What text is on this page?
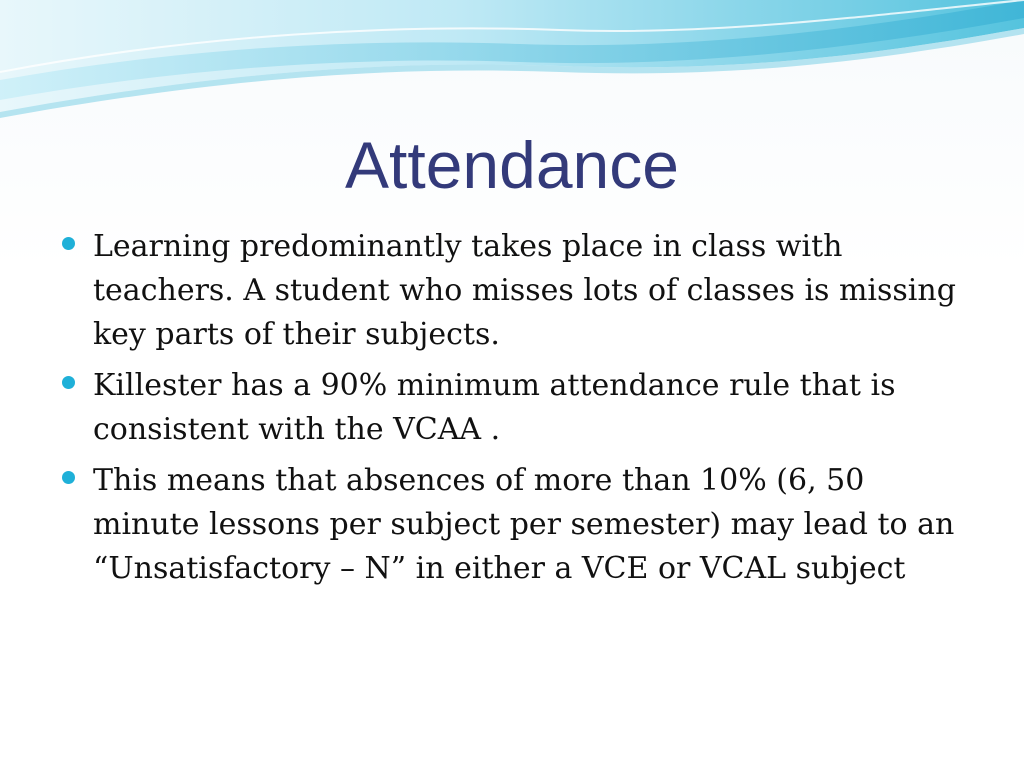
Attendance
Learning predominantly takes place in class with teachers. A student who misses lots of classes is missing key parts of their subjects.
Killester has a 90% minimum attendance rule that is consistent with the VCAA .
This means that absences of more than 10% (6, 50 minute lessons per subject per semester) may lead to an “Unsatisfactory – N” in either a VCE or VCAL subject
